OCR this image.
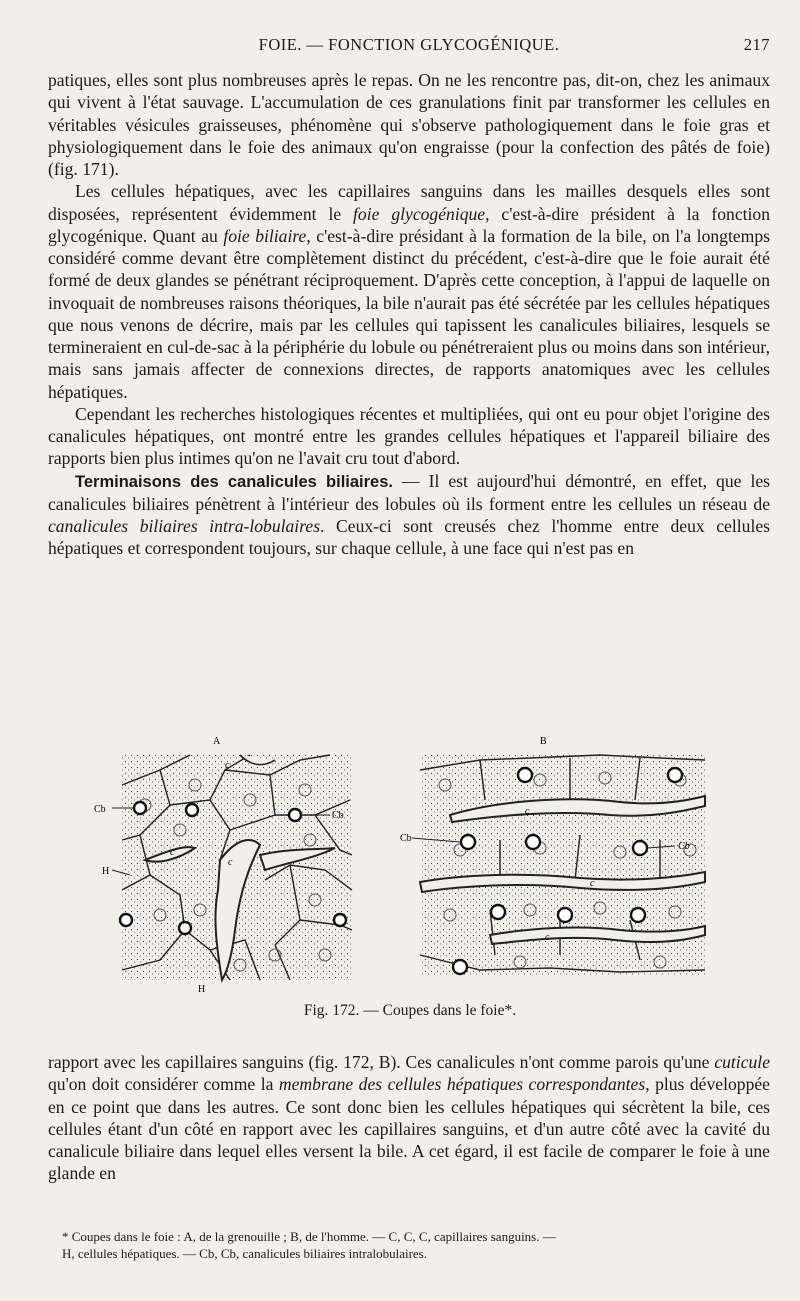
FOIE. — FONCTION GLYCOGÉNIQUE.	217

patiques, elles sont plus nombreuses après le repas. On ne les rencontre pas, dit-on, chez les animaux qui vivent à l'état sauvage. L'accumulation de ces granulations finit par transformer les cellules en véritables vésicules graisseuses, phénomène qui s'observe pathologiquement dans le foie gras et physiologiquement dans le foie des animaux qu'on engraisse (pour la confection des pâtés de foie) (fig. 171).

Les cellules hépatiques, avec les capillaires sanguins dans les mailles desquels elles sont disposées, représentent évidemment le foie glycogénique, c'est-à-dire président à la fonction glycogénique. Quant au foie biliaire, c'est-à-dire présidant à la formation de la bile, on l'a longtemps considéré comme devant être complètement distinct du précédent, c'est-à-dire que le foie aurait été formé de deux glandes se pénétrant réciproquement. D'après cette conception, à l'appui de laquelle on invoquait de nombreuses raisons théoriques, la bile n'aurait pas été sécrétée par les cellules hépatiques que nous venons de décrire, mais par les cellules qui tapissent les canalicules biliaires, lesquels se termineraient en cul-de-sac à la périphérie du lobule ou pénétreraient plus ou moins dans son intérieur, mais sans jamais affecter de connexions directes, de rapports anatomiques avec les cellules hépatiques.

Cependant les recherches histologiques récentes et multipliées, qui ont eu pour objet l'origine des canalicules hépatiques, ont montré entre les grandes cellules hépatiques et l'appareil biliaire des rapports bien plus intimes qu'on ne l'avait cru tout d'abord.

Terminaisons des canalicules biliaires. — Il est aujourd'hui démontré, en effet, que les canalicules biliaires pénètrent à l'intérieur des lobules où ils forment entre les cellules un réseau de canalicules biliaires intra-lobulaires. Ceux-ci sont creusés chez l'homme entre deux cellules hépatiques et correspondent toujours, sur chaque cellule, à une face qui n'est pas en

A
Cb
Cb
H
c
c
c
H
B
Cb
Cb
c
c
c
Fig. 172. — Coupes dans le foie*.

rapport avec les capillaires sanguins (fig. 172, B). Ces canalicules n'ont comme parois qu'une cuticule qu'on doit considérer comme la membrane des cellules hépatiques correspondantes, plus développée en ce point que dans les autres. Ce sont donc bien les cellules hépatiques qui sécrètent la bile, ces cellules étant d'un côté en rapport avec les capillaires sanguins, et d'un autre côté avec la cavité du canalicule biliaire dans lequel elles versent la bile. A cet égard, il est facile de comparer le foie à une glande en

* Coupes dans le foie : A, de la grenouille ; B, de l'homme. — C, C, C, capillaires sanguins. —

H, cellules hépatiques. — Cb, Cb, canalicules biliaires intralobulaires.
